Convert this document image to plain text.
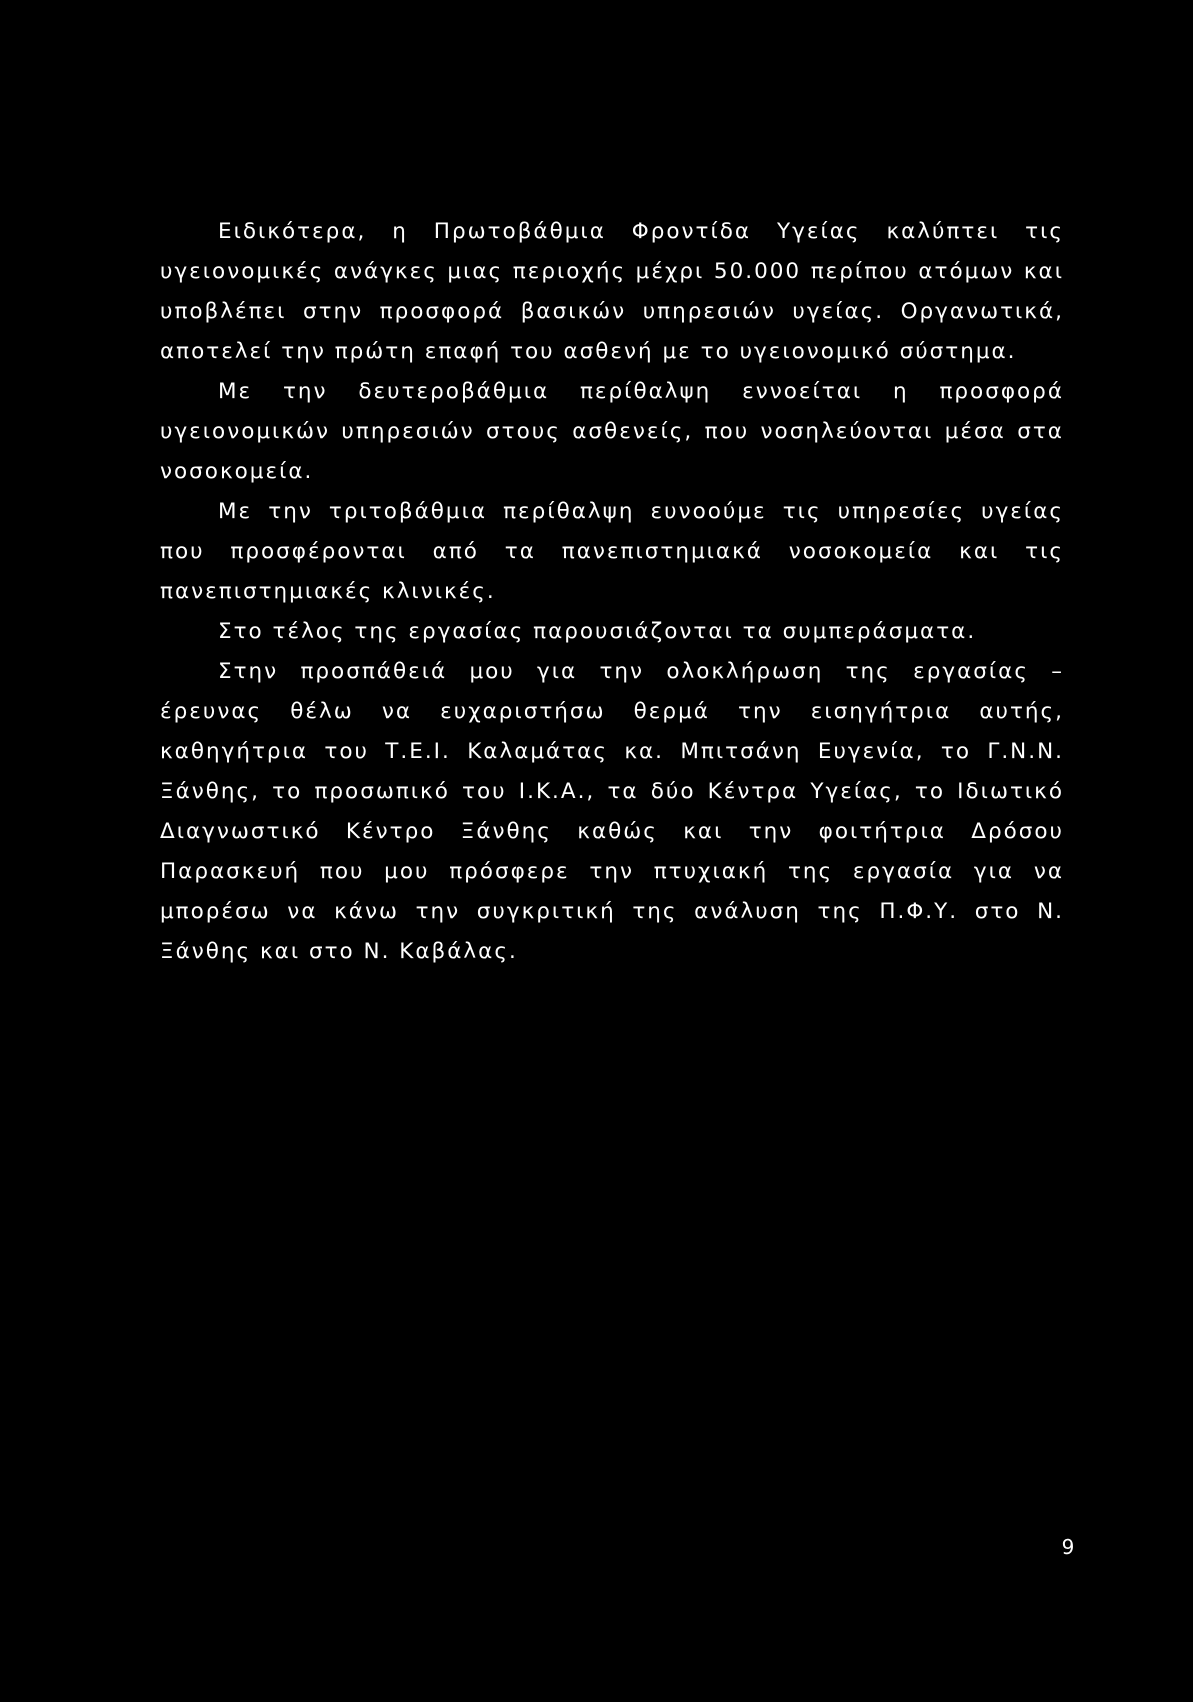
Ειδικότερα, η Πρωτοβάθμια Φροντίδα Υγείας καλύπτει τις υγειονομικές ανάγκες μιας περιοχής μέχρι 50.000 περίπου ατόμων και υποβλέπει στην προσφορά βασικών υπηρεσιών υγείας. Οργανωτικά, αποτελεί την πρώτη επαφή του ασθενή με το υγειονομικό σύστημα.

Με την δευτεροβάθμια περίθαλψη εννοείται η προσφορά υγειονομικών υπηρεσιών στους ασθενείς, που νοσηλεύονται μέσα στα νοσοκομεία.

Με την τριτοβάθμια περίθαλψη ευνοούμε τις υπηρεσίες υγείας που προσφέρονται από τα πανεπιστημιακά νοσοκομεία και τις πανεπιστημιακές κλινικές.

Στο τέλος της εργασίας παρουσιάζονται τα συμπεράσματα.

Στην προσπάθειά μου για την ολοκλήρωση της εργασίας – έρευνας θέλω να ευχαριστήσω θερμά την εισηγήτρια αυτής, καθηγήτρια του Τ.Ε.Ι. Καλαμάτας κα. Μπιτσάνη Ευγενία, το Γ.Ν.Ν. Ξάνθης, το προσωπικό του Ι.Κ.Α., τα δύο Κέντρα Υγείας, το Ιδιωτικό Διαγνωστικό Κέντρο Ξάνθης καθώς και την φοιτήτρια Δρόσου Παρασκευή που μου πρόσφερε την πτυχιακή της εργασία για να μπορέσω να κάνω την συγκριτική της ανάλυση της Π.Φ.Υ. στο Ν. Ξάνθης και στο Ν. Καβάλας.

9
